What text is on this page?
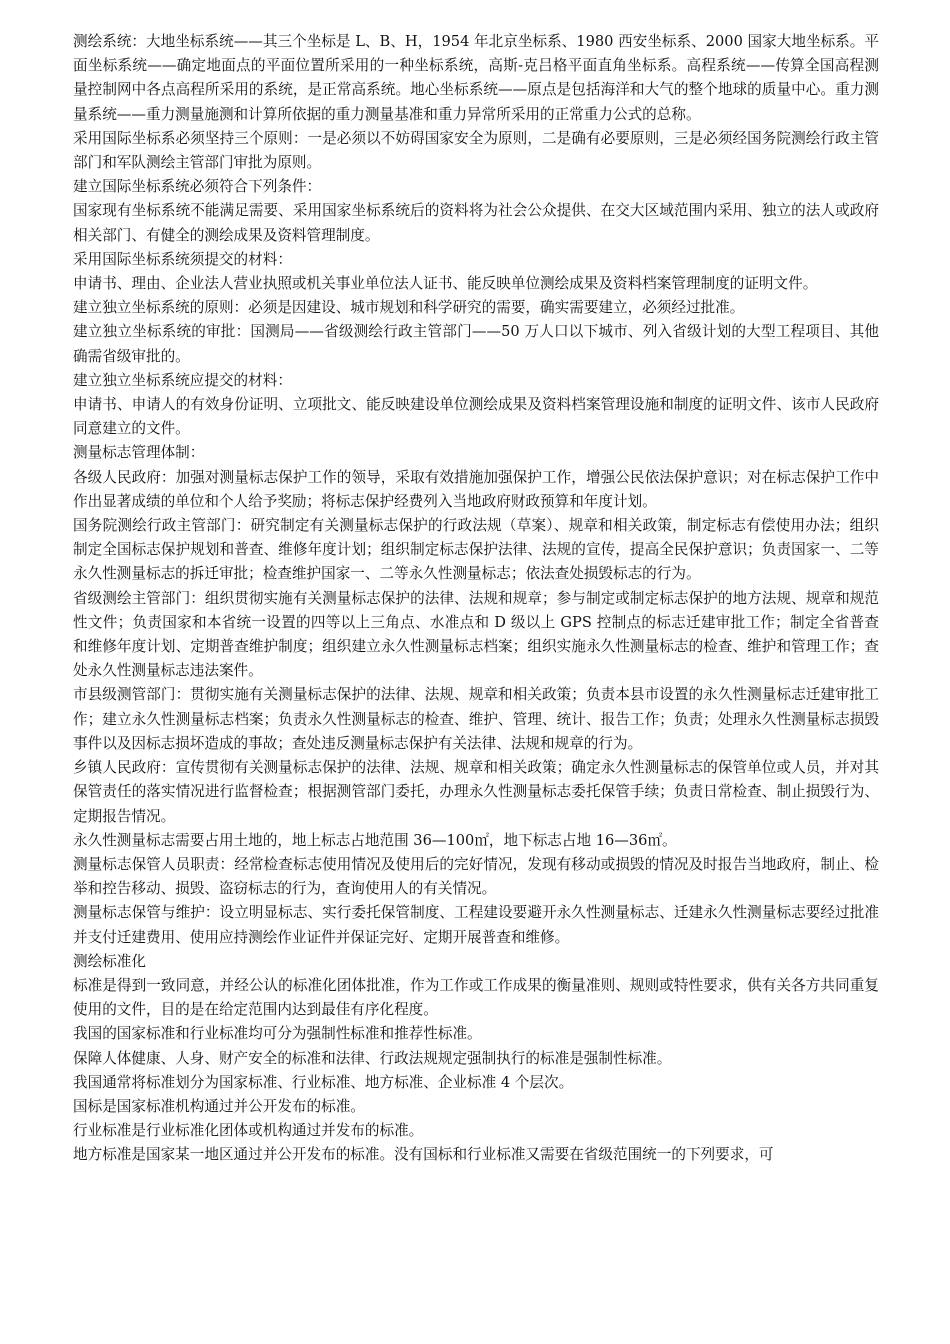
测绘系统：大地坐标系统——其三个坐标是 L、B、H，1954 年北京坐标系、1980 西安坐标系、2000 国家大地坐标系。平面坐标系统——确定地面点的平面位置所采用的一种坐标系统，高斯-克吕格平面直角坐标系。高程系统——传算全国高程测量控制网中各点高程所采用的系统，是正常高系统。地心坐标系统——原点是包括海洋和大气的整个地球的质量中心。重力测量系统——重力测量施测和计算所依据的重力测量基准和重力异常所采用的正常重力公式的总称。

采用国际坐标系必须坚持三个原则：一是必须以不妨碍国家安全为原则，二是确有必要原则，三是必须经国务院测绘行政主管部门和军队测绘主管部门审批为原则。

建立国际坐标系统必须符合下列条件：

国家现有坐标系统不能满足需要、采用国家坐标系统后的资料将为社会公众提供、在交大区域范围内采用、独立的法人或政府相关部门、有健全的测绘成果及资料管理制度。

采用国际坐标系统须提交的材料：

申请书、理由、企业法人营业执照或机关事业单位法人证书、能反映单位测绘成果及资料档案管理制度的证明文件。

建立独立坐标系统的原则：必须是因建设、城市规划和科学研究的需要，确实需要建立，必须经过批准。

建立独立坐标系统的审批：国测局——省级测绘行政主管部门——50 万人口以下城市、列入省级计划的大型工程项目、其他确需省级审批的。

建立独立坐标系统应提交的材料：

申请书、申请人的有效身份证明、立项批文、能反映建设单位测绘成果及资料档案管理设施和制度的证明文件、该市人民政府同意建立的文件。

测量标志管理体制：

各级人民政府：加强对测量标志保护工作的领导，采取有效措施加强保护工作，增强公民依法保护意识；对在标志保护工作中作出显著成绩的单位和个人给予奖励；将标志保护经费列入当地政府财政预算和年度计划。

国务院测绘行政主管部门：研究制定有关测量标志保护的行政法规（草案）、规章和相关政策，制定标志有偿使用办法；组织制定全国标志保护规划和普查、维修年度计划；组织制定标志保护法律、法规的宣传，提高全民保护意识；负责国家一、二等永久性测量标志的拆迁审批；检查维护国家一、二等永久性测量标志；依法查处损毁标志的行为。

省级测绘主管部门：组织贯彻实施有关测量标志保护的法律、法规和规章；参与制定或制定标志保护的地方法规、规章和规范性文件；负责国家和本省统一设置的四等以上三角点、水准点和 D 级以上 GPS 控制点的标志迁建审批工作；制定全省普查和维修年度计划、定期普查维护制度；组织建立永久性测量标志档案；组织实施永久性测量标志的检查、维护和管理工作；查处永久性测量标志违法案件。

市县级测管部门：贯彻实施有关测量标志保护的法律、法规、规章和相关政策；负责本县市设置的永久性测量标志迁建审批工作；建立永久性测量标志档案；负责永久性测量标志的检查、维护、管理、统计、报告工作；负责；处理永久性测量标志损毁事件以及因标志损坏造成的事故；查处违反测量标志保护有关法律、法规和规章的行为。

乡镇人民政府：宣传贯彻有关测量标志保护的法律、法规、规章和相关政策；确定永久性测量标志的保管单位或人员，并对其保管责任的落实情况进行监督检查；根据测管部门委托，办理永久性测量标志委托保管手续；负责日常检查、制止损毁行为、定期报告情况。

永久性测量标志需要占用土地的，地上标志占地范围 36—100㎡，地下标志占地 16—36㎡。

测量标志保管人员职责：经常检查标志使用情况及使用后的完好情况，发现有移动或损毁的情况及时报告当地政府，制止、检举和控告移动、损毁、盗窃标志的行为，查询使用人的有关情况。

测量标志保管与维护：设立明显标志、实行委托保管制度、工程建设要避开永久性测量标志、迁建永久性测量标志要经过批准并支付迁建费用、使用应持测绘作业证件并保证完好、定期开展普查和维修。

测绘标准化

标准是得到一致同意，并经公认的标准化团体批准，作为工作或工作成果的衡量准则、规则或特性要求，供有关各方共同重复使用的文件，目的是在给定范围内达到最佳有序化程度。

我国的国家标准和行业标准均可分为强制性标准和推荐性标准。

保障人体健康、人身、财产安全的标准和法律、行政法规规定强制执行的标准是强制性标准。

我国通常将标准划分为国家标准、行业标准、地方标准、企业标准 4 个层次。

国标是国家标准机构通过并公开发布的标准。

行业标准是行业标准化团体或机构通过并发布的标准。

地方标准是国家某一地区通过并公开发布的标准。没有国标和行业标准又需要在省级范围统一的下列要求，可
